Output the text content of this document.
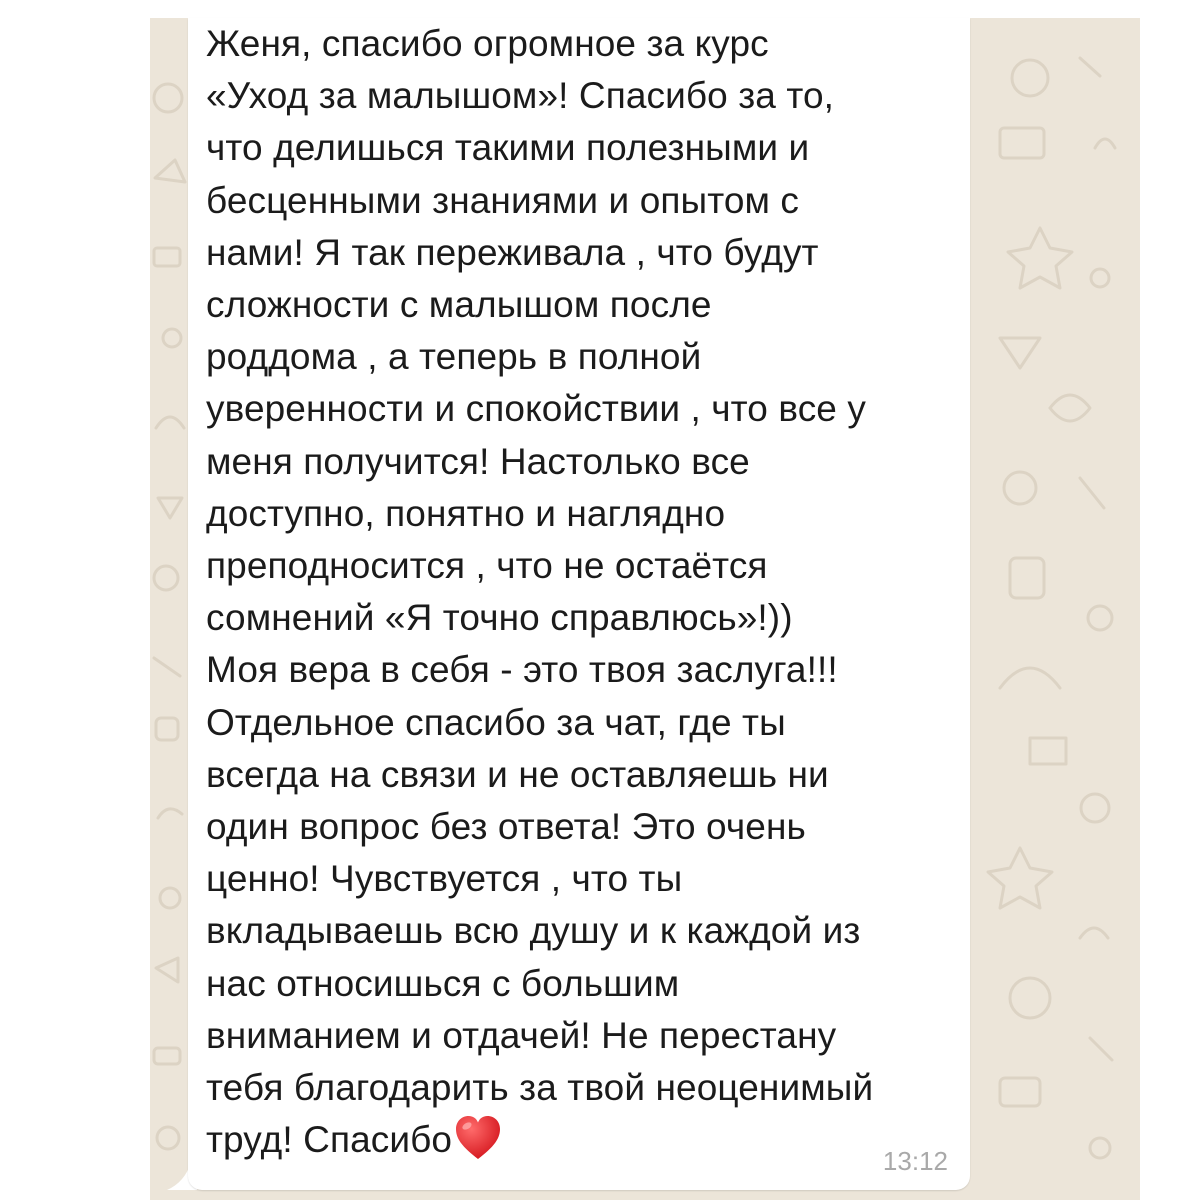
Женя, спасибо огромное за курс
«Уход за малышом»! Спасибо за то,
что делишься такими полезными и
бесценными знаниями и опытом с
нами! Я так переживала , что будут
сложности с малышом после
роддома , а теперь в полной
уверенности и спокойствии , что все у
меня получится! Настолько все
доступно, понятно и наглядно
преподносится , что не остаётся
сомнений «Я точно справлюсь»!))
Моя вера в себя - это твоя заслуга!!!
Отдельное спасибо за чат, где ты
всегда на связи и не оставляешь ни
один вопрос без ответа! Это очень
ценно! Чувствуется , что ты
вкладываешь всю душу и к каждой из
нас относишься с большим
вниманием и отдачей! Не перестану
тебя благодарить за твой неоценимый
труд! Спасибо

13:12
